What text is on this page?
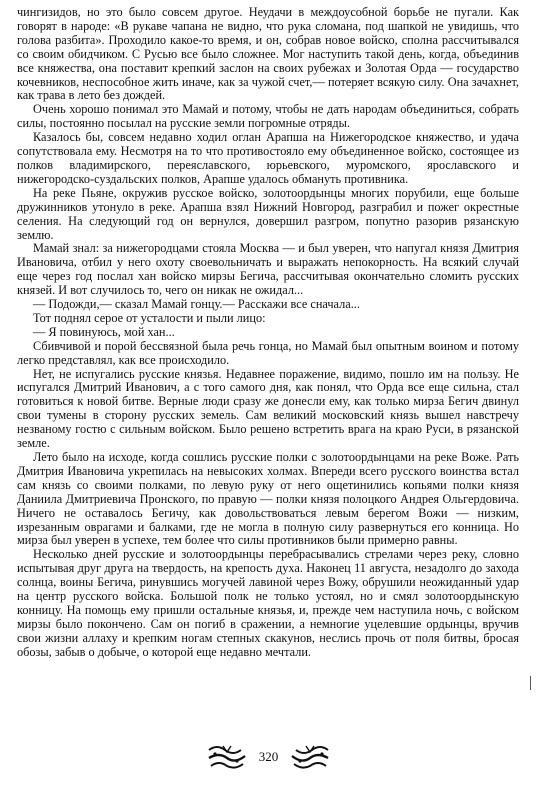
чингизидов, но это было совсем другое. Неудачи в междоусобной борьбе не пугали. Как говорят в народе: «В рукаве чапана не видно, что рука сломана, под шапкой не увидишь, что голова разбита». Проходило какое-то время, и он, собрав новое войско, сполна рассчитывался со своим обидчиком. С Русью все было сложнее. Мог наступить такой день, когда, объединив все княжества, она поставит крепкий заслон на своих рубежах и Золотая Орда — государство кочевников, неспособное жить иначе, как за чужой счет,— потеряет всякую силу. Она зачахнет, как трава в лето без дождей.

Очень хорошо понимал это Мамай и потому, чтобы не дать народам объединиться, собрать силы, постоянно посылал на русские земли погромные отряды.

Казалось бы, совсем недавно ходил оглан Арапша на Нижегородское княжество, и удача сопутствовала ему. Несмотря на то что противостояло ему объединенное войско, состоящее из полков владимирского, переяславского, юрьевского, муромского, ярославского и нижегородско-суздальских полков, Арапше удалось обмануть противника.

На реке Пьяне, окружив русское войско, золотоордынцы многих порубили, еще больше дружинников утонуло в реке. Арапша взял Нижний Новгород, разграбил и пожег окрестные селения. На следующий год он вернулся, довершил разгром, попутно разорив рязанскую землю.

Мамай знал: за нижегородцами стояла Москва — и был уверен, что напугал князя Дмитрия Ивановича, отбил у него охоту своевольничать и выражать непокорность. На всякий случай еще через год послал хан войско мирзы Бегича, рассчитывая окончательно сломить русских князей. И вот случилось то, чего он никак не ожидал...

— Подожди,— сказал Мамай гонцу.— Расскажи все сначала...

Тот поднял серое от усталости и пыли лицо:

— Я повинуюсь, мой хан...

Сбивчивой и порой бессвязной была речь гонца, но Мамай был опытным воином и потому легко представлял, как все происходило.

Нет, не испугались русские князья. Недавнее поражение, видимо, пошло им на пользу. Не испугался Дмитрий Иванович, а с того самого дня, как понял, что Орда все еще сильна, стал готовиться к новой битве. Верные люди сразу же донесли ему, как только мирза Бегич двинул свои тумены в сторону русских земель. Сам великий московский князь вышел навстречу незваному гостю с сильным войском. Было решено встретить врага на краю Руси, в рязанской земле.

Лето было на исходе, когда сошлись русские полки с золотоордынцами на реке Воже. Рать Дмитрия Ивановича укрепилась на невысоких холмах. Впереди всего русского воинства встал сам князь со своими полками, по левую руку от него ощетинились копьями полки князя Даниила Дмитриевича Пронского, по правую — полки князя полоцкого Андрея Ольгердовича. Ничего не оставалось Бегичу, как довольствоваться левым берегом Вожи — низким, изрезанным оврагами и балками, где не могла в полную силу развернуться его конница. Но мирза был уверен в успехе, тем более что силы противников были примерно равны.

Несколько дней русские и золотоордынцы перебрасывались стрелами через реку, словно испытывая друг друга на твердость, на крепость духа. Наконец 11 августа, незадолго до захода солнца, воины Бегича, ринувшись могучей лавиной через Вожу, обрушили неожиданный удар на центр русского войска. Большой полк не только устоял, но и смял золотоордынскую конницу. На помощь ему пришли остальные князья, и, прежде чем наступила ночь, с войском мирзы было покончено. Сам он погиб в сражении, а немногие уцелевшие ордынцы, вручив свои жизни аллаху и крепким ногам степных скакунов, неслись прочь от поля битвы, бросая обозы, забыв о добыче, о которой еще недавно мечтали.

320
